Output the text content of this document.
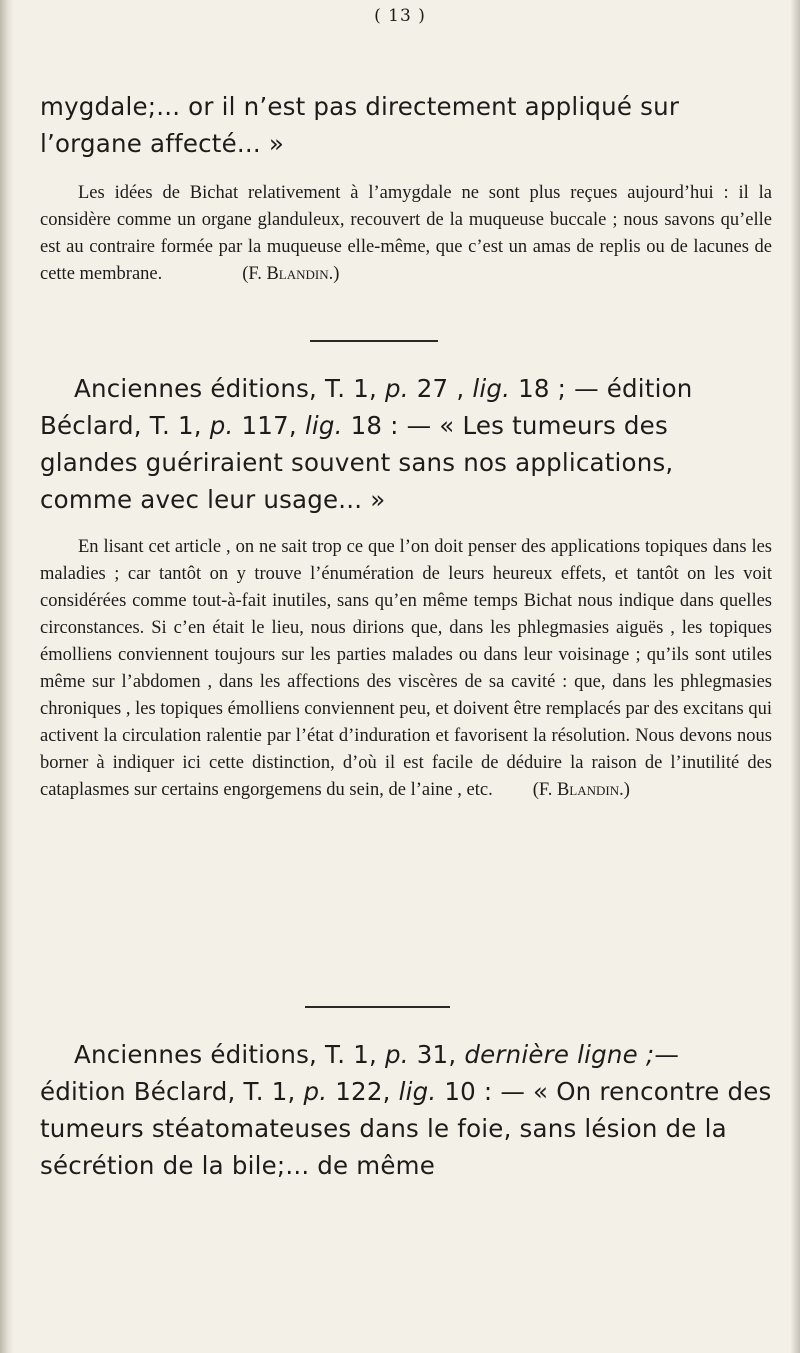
( 13 )

mygdale;... or il n’est pas directement appliqué sur

l’organe affecté... »

Les idées de Bichat relativement à l’amygdale ne sont plus reçues aujourd’hui : il la considère comme un organe glanduleux, recouvert de la muqueuse buccale ; nous savons qu’elle est au contraire formée par la muqueuse elle-même, que c’est un amas de replis ou de lacunes de cette membrane.	(F. Blandin.)

Anciennes éditions, T. 1, p. 27 , lig. 18 ; — édition Béclard, T. 1, p. 117, lig. 18 : — « Les tumeurs des glandes guériraient souvent sans nos applications, comme avec leur usage... »

En lisant cet article , on ne sait trop ce que l’on doit penser des applications topiques dans les maladies ; car tantôt on y trouve l’énumération de leurs heureux effets, et tantôt on les voit considérées comme tout-à-fait inutiles, sans qu’en même temps Bichat nous indique dans quelles circonstances. Si c’en était le lieu, nous dirions que, dans les phlegmasies aiguës , les topiques émolliens conviennent toujours sur les parties malades ou dans leur voisinage ; qu’ils sont utiles même sur l’abdomen , dans les affections des viscères de sa cavité : que, dans les phlegmasies chroniques , les topiques émolliens conviennent peu, et doivent être remplacés par des excitans qui activent la circulation ralentie par l’état d’induration et favorisent la résolution. Nous devons nous borner à indiquer ici cette distinction, d’où il est facile de déduire la raison de l’inutilité des cataplasmes sur certains engorgemens du sein, de l’aine , etc. (F. Blandin.)

Anciennes éditions, T. 1, p. 31, dernière ligne ;— édition Béclard, T. 1, p. 122, lig. 10 : — « On rencontre des tumeurs stéatomateuses dans le foie, sans lésion de la sécrétion de la bile;... de même
